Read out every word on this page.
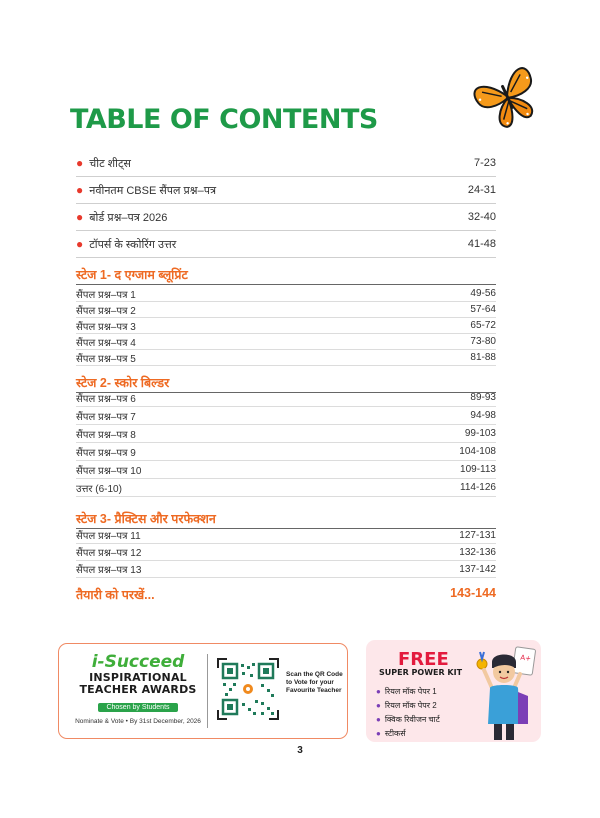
TABLE OF CONTENTS
● चीट शीट्स	7-23
● नवीनतम CBSE सैंपल प्रश्न–पत्र	24-31
● बोर्ड प्रश्न–पत्र 2026	32-40
● टॉपर्स के स्कोरिंग उत्तर	41-48
स्टेज 1- द एग्जाम ब्लूप्रिंट
सैंपल प्रश्न–पत्र 1	49-56
सैंपल प्रश्न–पत्र 2	57-64
सैंपल प्रश्न–पत्र 3	65-72
सैंपल प्रश्न–पत्र 4	73-80
सैंपल प्रश्न–पत्र 5	81-88
स्टेज 2- स्कोर बिल्डर
सैंपल प्रश्न–पत्र 6	89-93
सैंपल प्रश्न–पत्र 7	94-98
सैंपल प्रश्न–पत्र 8	99-103
सैंपल प्रश्न–पत्र 9	104-108
सैंपल प्रश्न–पत्र 10	109-113
उत्तर (6-10)	114-126
स्टेज 3- प्रैक्टिस और परफेक्शन
सैंपल प्रश्न–पत्र 11	127-131
सैंपल प्रश्न–पत्र 12	132-136
सैंपल प्रश्न–पत्र 13	137-142
तैयारी को परखें...	143-144
i-Succeed
INSPIRATIONAL
TEACHER AWARDS
Chosen by Students
Nominate & Vote • By 31st December, 2026
Scan the QR Code to Vote for your Favourite Teacher
FREE
SUPER POWER KIT
● रियल मॉक पेपर 1
● रियल मॉक पेपर 2
● क्विक रिवीजन चार्ट
● स्टीकर्स
A+
3
